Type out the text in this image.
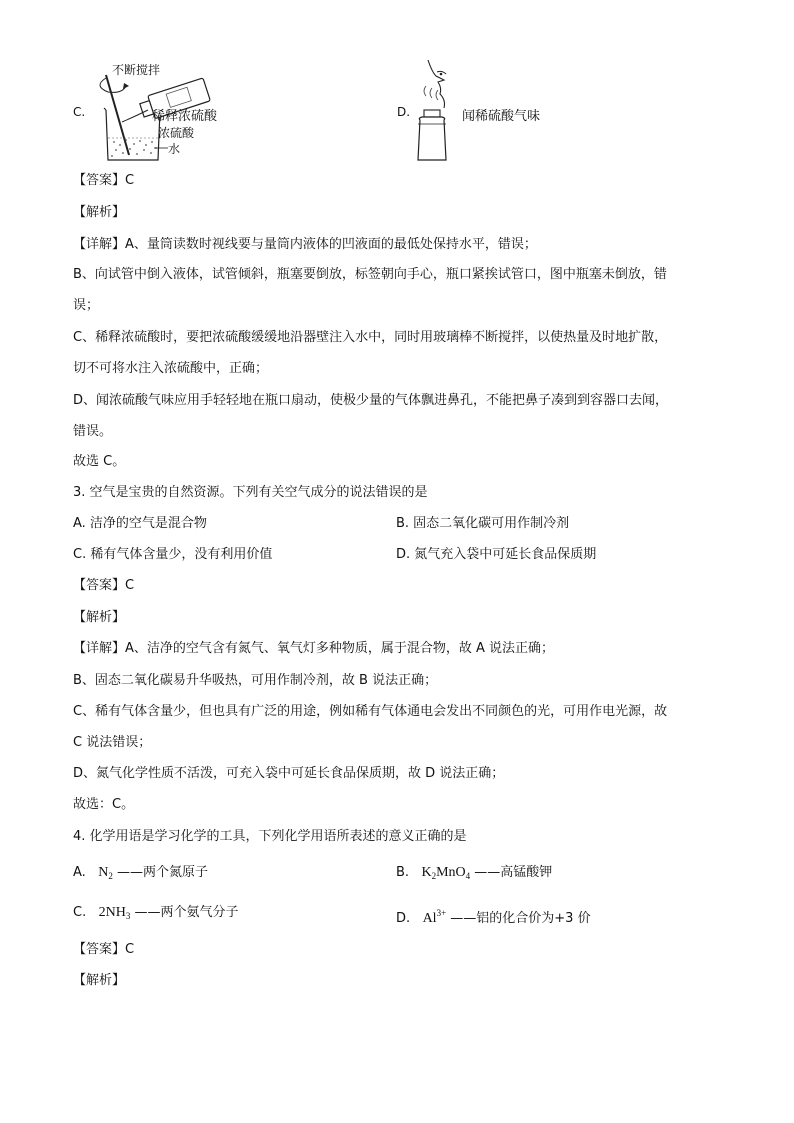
C.
不断搅拌
稀释浓硫酸
浓硫酸
水
D.	闻稀硫酸气味
【答案】C
【解析】
【详解】A、量筒读数时视线要与量筒内液体的凹液面的最低处保持水平，错误；
B、向试管中倒入液体，试管倾斜，瓶塞要倒放，标签朝向手心，瓶口紧挨试管口，图中瓶塞未倒放，错
误；
C、稀释浓硫酸时，要把浓硫酸缓缓地沿器壁注入水中，同时用玻璃棒不断搅拌，以使热量及时地扩散，
切不可将水注入浓硫酸中，正确；
D、闻浓硫酸气味应用手轻轻地在瓶口扇动，使极少量的气体飘进鼻孔，不能把鼻子凑到到容器口去闻，
错误。
故选 C。
3. 空气是宝贵的自然资源。下列有关空气成分的说法错误的是
A. 洁净的空气是混合物	B. 固态二氧化碳可用作制冷剂
C. 稀有气体含量少，没有利用价值	D. 氮气充入袋中可延长食品保质期
【答案】C
【解析】
【详解】A、洁净的空气含有氮气、氧气灯多种物质，属于混合物，故 A 说法正确；
B、固态二氧化碳易升华吸热，可用作制冷剂，故 B 说法正确；
C、稀有气体含量少，但也具有广泛的用途，例如稀有气体通电会发出不同颜色的光，可用作电光源，故
C 说法错误；
D、氮气化学性质不活泼，可充入袋中可延长食品保质期，故 D 说法正确；
故选：C。
4. 化学用语是学习化学的工具，下列化学用语所表述的意义正确的是
A. $N_2$ ——两个氮原子	B. $K_2MnO_4$ ——高锰酸钾
C. $2NH_3$ ——两个氨气分子	D. $Al^{3+}$ ——铝的化合价为+3 价
【答案】C
【解析】
